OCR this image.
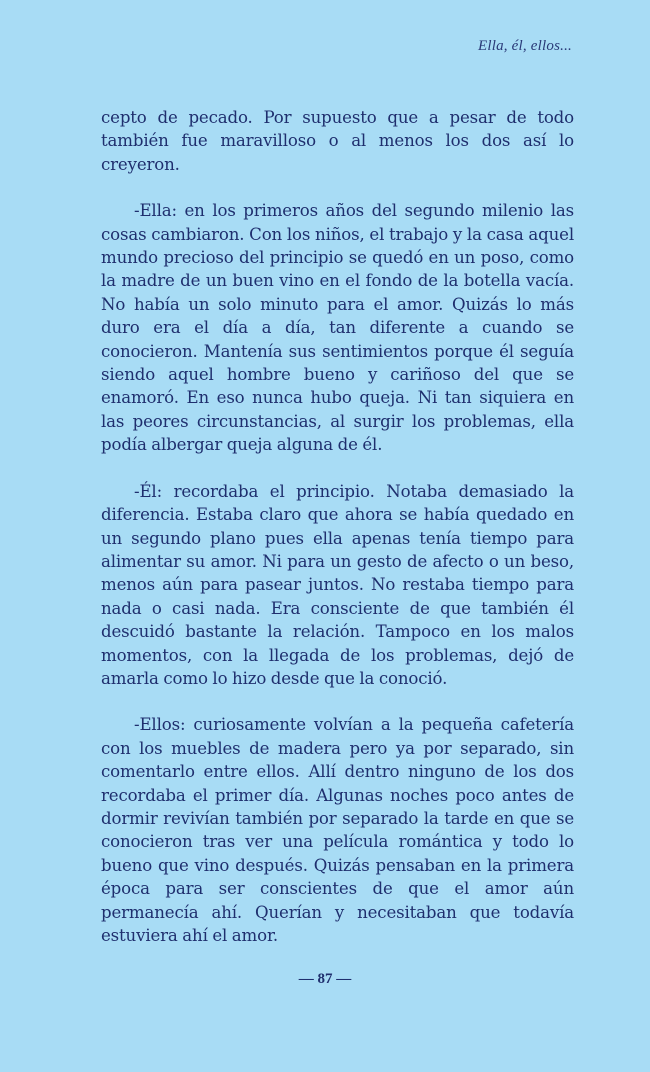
Ella, él, ellos...

cepto de pecado. Por supuesto que a pesar de todo también fue maravilloso o al menos los dos así lo creyeron.

-Ella: en los primeros años del segundo milenio las cosas cambiaron. Con los niños, el trabajo y la casa aquel mundo precioso del principio se quedó en un poso, como la madre de un buen vino en el fondo de la botella vacía. No había un solo minuto para el amor. Quizás lo más duro era el día a día, tan diferente a cuando se conocieron. Mantenía sus sentimientos porque él seguía siendo aquel hombre bueno y cariñoso del que se enamoró. En eso nunca hubo queja. Ni tan siquiera en las peores circunstancias, al surgir los problemas, ella podía albergar queja alguna de él.

-Él: recordaba el principio. Notaba demasiado la diferencia. Estaba claro que ahora se había quedado en un segundo plano pues ella apenas tenía tiempo para alimentar su amor. Ni para un gesto de afecto o un beso, menos aún para pasear juntos. No restaba tiempo para nada o casi nada. Era consciente de que también él descuidó bastante la relación. Tampoco en los malos momentos, con la llegada de los problemas, dejó de amarla como lo hizo desde que la conoció.

-Ellos: curiosamente volvían a la pequeña cafetería con los muebles de madera pero ya por separado, sin comentarlo entre ellos. Allí dentro ninguno de los dos recordaba el primer día. Algunas noches poco antes de dormir revivían también por separado la tarde en que se conocieron tras ver una película romántica y todo lo bueno que vino después. Quizás pensaban en la primera época para ser conscientes de que el amor aún permanecía ahí. Querían y necesitaban que todavía estuviera ahí el amor.

— 87 —
